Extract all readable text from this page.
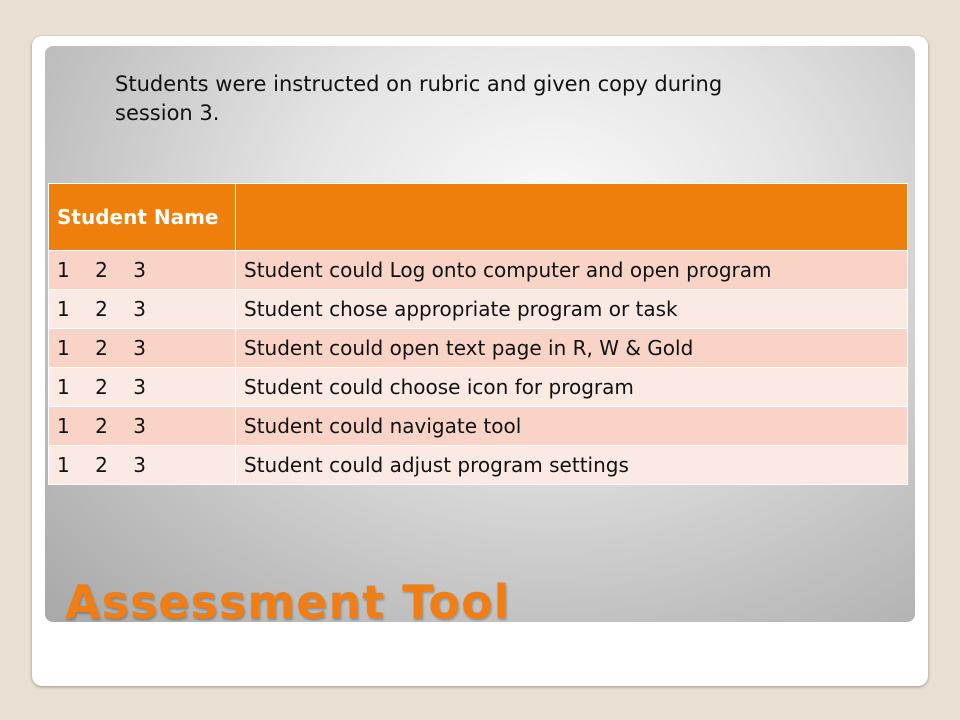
Students were instructed on rubric and given copy during session 3.
Student Name	
1    2    3	Student could Log onto computer and open program
1    2    3	Student chose appropriate program or task
1    2    3	Student could open text page in R, W & Gold
1    2    3	Student could choose icon for program
1    2    3	Student could navigate tool
1    2    3	Student could adjust program settings
Assessment Tool
